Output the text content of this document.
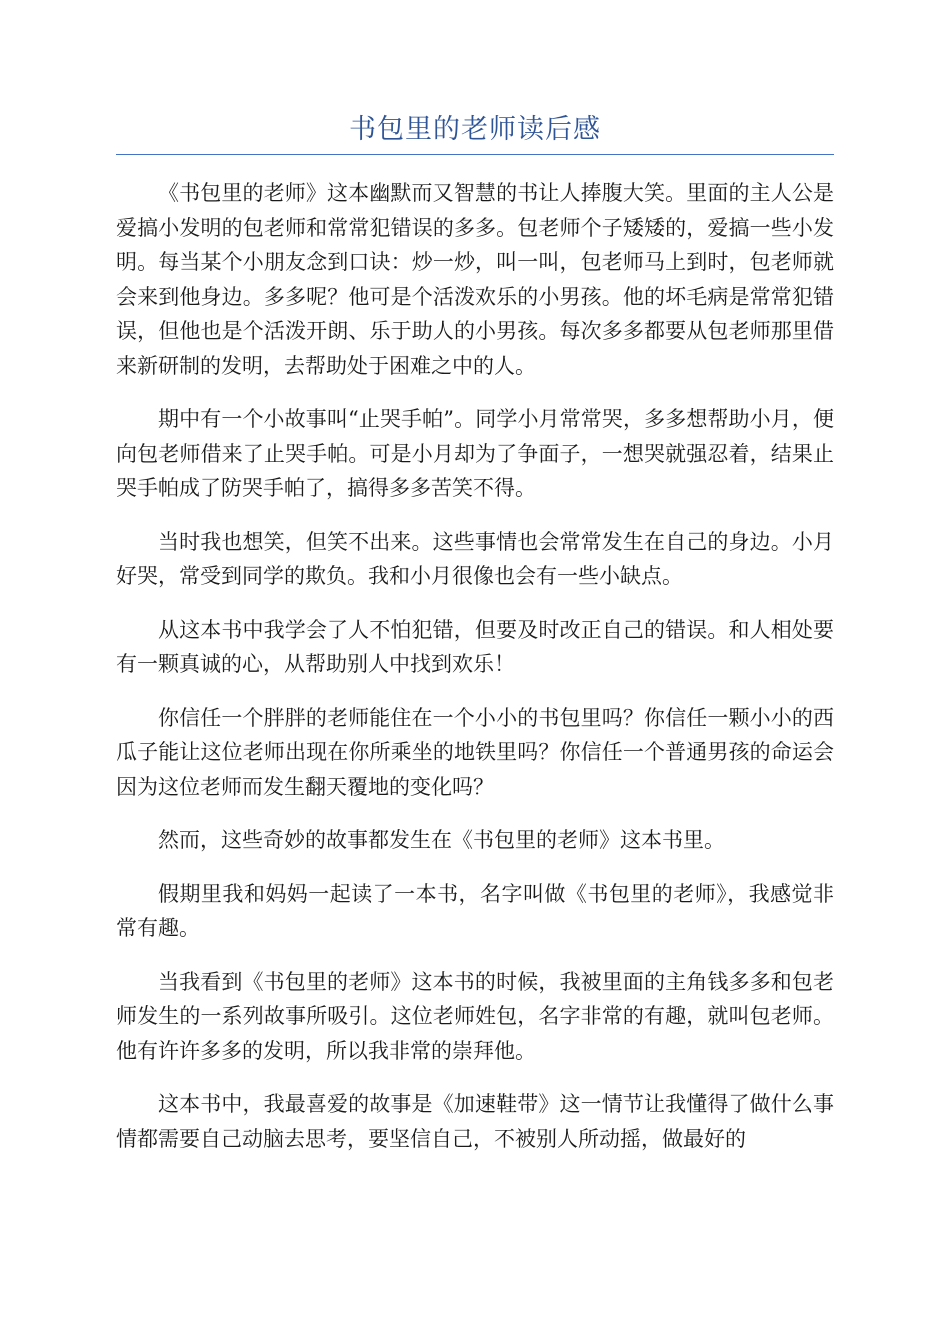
书包里的老师读后感

《书包里的老师》这本幽默而又智慧的书让人捧腹大笑。里面的主人公是爱搞小发明的包老师和常常犯错误的多多。包老师个子矮矮的，爱搞一些小发明。每当某个小朋友念到口诀：炒一炒，叫一叫，包老师马上到时，包老师就会来到他身边。多多呢？他可是个活泼欢乐的小男孩。他的坏毛病是常常犯错误，但他也是个活泼开朗、乐于助人的小男孩。每次多多都要从包老师那里借来新研制的发明，去帮助处于困难之中的人。

期中有一个小故事叫“止哭手帕”。同学小月常常哭，多多想帮助小月，便向包老师借来了止哭手帕。可是小月却为了争面子，一想哭就强忍着，结果止哭手帕成了防哭手帕了，搞得多多苦笑不得。

当时我也想笑，但笑不出来。这些事情也会常常发生在自己的身边。小月好哭，常受到同学的欺负。我和小月很像也会有一些小缺点。

从这本书中我学会了人不怕犯错，但要及时改正自己的错误。和人相处要有一颗真诚的心，从帮助别人中找到欢乐！

你信任一个胖胖的老师能住在一个小小的书包里吗？你信任一颗小小的西瓜子能让这位老师出现在你所乘坐的地铁里吗？你信任一个普通男孩的命运会因为这位老师而发生翻天覆地的变化吗？

然而，这些奇妙的故事都发生在《书包里的老师》这本书里。

假期里我和妈妈一起读了一本书，名字叫做《书包里的老师》，我感觉非常有趣。

当我看到《书包里的老师》这本书的时候，我被里面的主角钱多多和包老师发生的一系列故事所吸引。这位老师姓包，名字非常的有趣，就叫包老师。他有许许多多的发明，所以我非常的崇拜他。

这本书中，我最喜爱的故事是《加速鞋带》这一情节让我懂得了做什么事情都需要自己动脑去思考，要坚信自己，不被别人所动摇，做最好的
